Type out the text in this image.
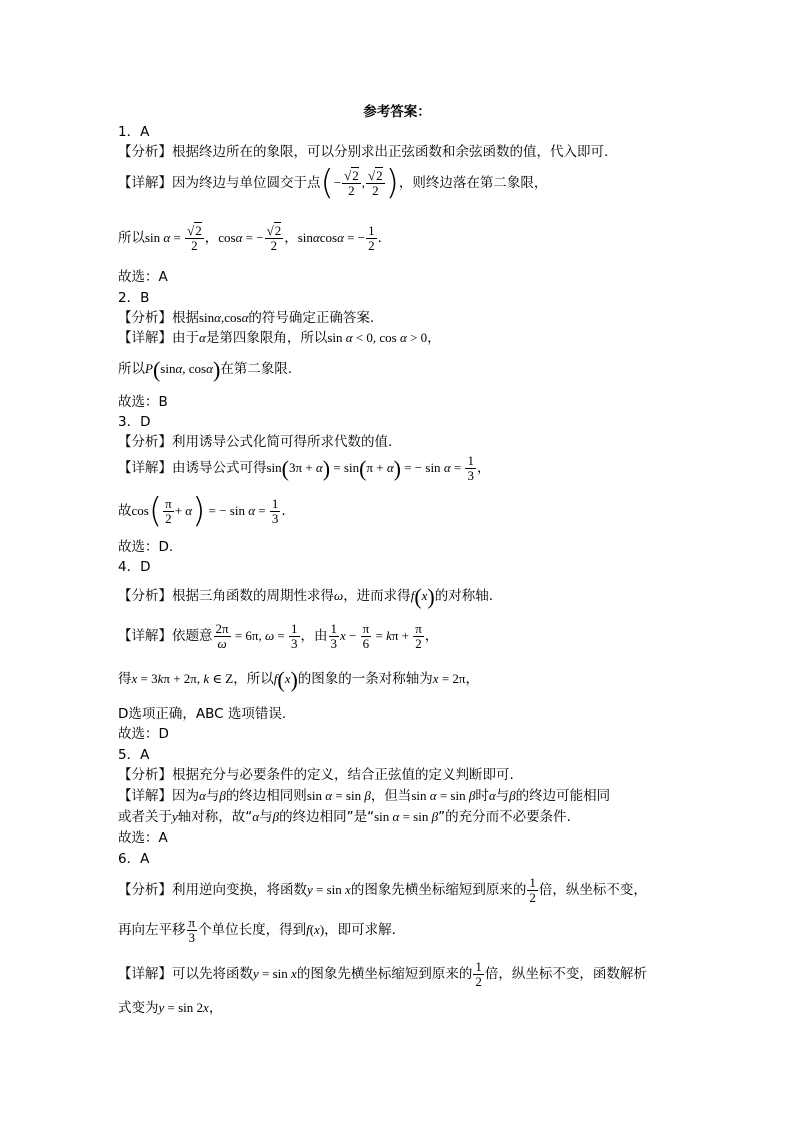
参考答案：
1．A
【分析】根据终边所在的象限，可以分别求出正弦函数和余弦函数的值，代入即可.
【详解】因为终边与单位圆交于点(− $\frac{√2}{2}$ , $\frac{√2}{2}$ )，则终边落在第二象限，
所以$\sin \alpha = \frac{√2}{2}$ ，cosα = − $\frac{√2}{2}$ ，sinαcosα = − $\frac{1}{2}$ .
故选：A
2．B
【分析】根据sinα,cosα的符号确定正确答案.
【详解】由于α是第四象限角，所以sin α < 0, cos α > 0，
所以P(sinα, cosα)在第二象限.
故选：B
3．D
【分析】利用诱导公式化简可得所求代数的值.
【详解】由诱导公式可得sin(3π + α) = sin(π + α) = − $\sin \alpha = \frac{1}{3}$ ，
故$\cos( \frac{\pi}{2} + \alpha)$ = − $\sin \alpha = \frac{1}{3}$ .
故选：D.
4．D
【分析】根据三角函数的周期性求得ω，进而求得f(x)的对称轴.
【详解】依题意 $\frac{2\pi}{\omega} = 6\pi$, $\omega = \frac{1}{3}$ ，由 $\frac{1}{3}$ $x - \frac{\pi}{6} = k\pi + \frac{\pi}{2}$ ，
得x = 3kπ + 2π, k ∈ Z，所以f(x)的图象的一条对称轴为x = 2π，
D选项正确，ABC 选项错误.
故选：D
5．A
【分析】根据充分与必要条件的定义，结合正弦值的定义判断即可.
【详解】因为α与β的终边相同则sin α = sin β，但当sin α = sin β时α与β的终边可能相同
或者关于y轴对称，故“α与β的终边相同”是“sin α = sin β”的充分而不必要条件.
故选：A
6．A
【分析】利用逆向变换，将函数y = sin x的图象先横坐标缩短到原来的 $\frac{1}{2}$ 倍，纵坐标不变，
再向左平移 $\frac{\pi}{3}$ 个单位长度，得到f(x)，即可求解.
【详解】可以先将函数y = sin x的图象先横坐标缩短到原来的 $\frac{1}{2}$ 倍，纵坐标不变，函数解析
式变为y = sin 2x，
